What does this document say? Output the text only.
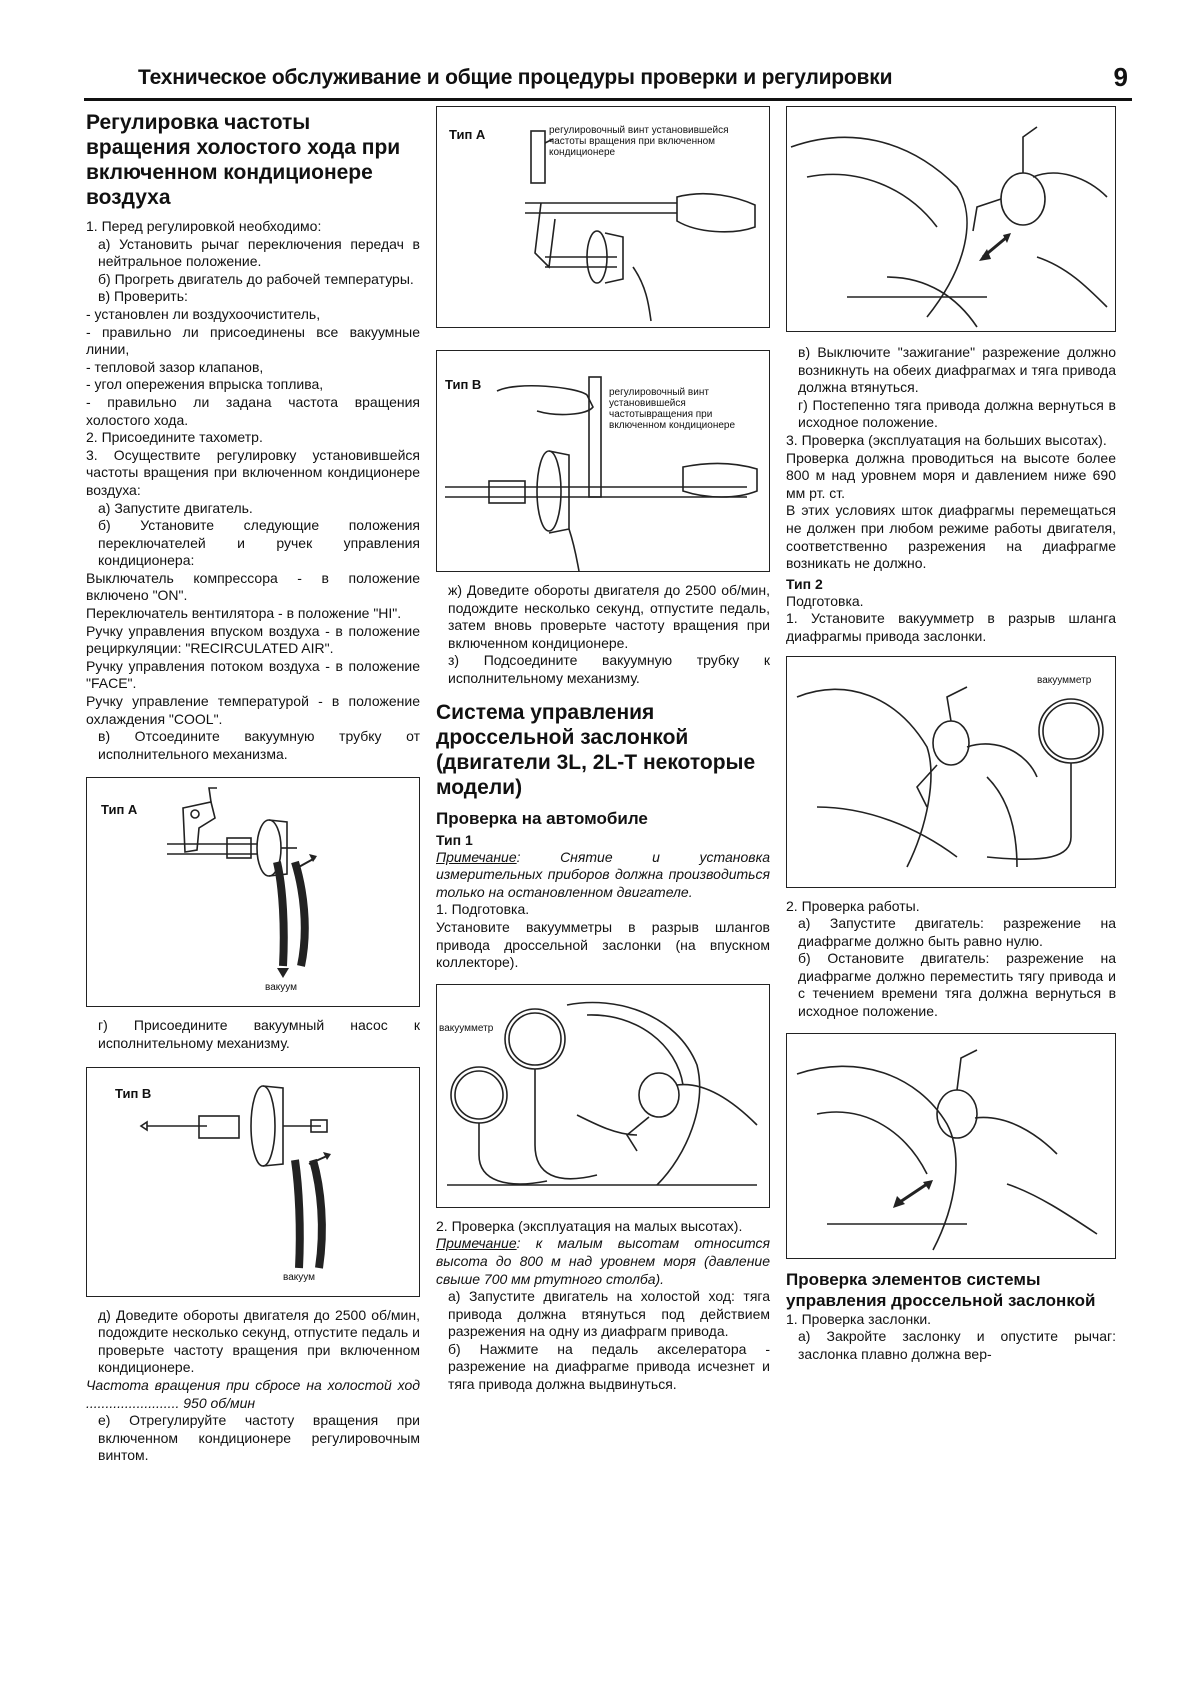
Техническое обслуживание и общие процедуры проверки и регулировки	9
Регулировка частоты вращения холостого хода при включенном кондиционере воздуха
1. Перед регулировкой необходимо:
а) Установить рычаг переключения передач в нейтральное положение.
б) Прогреть двигатель до рабочей температуры.
в) Проверить:
- установлен ли воздухоочиститель,
- правильно ли присоединены все вакуумные линии,
- тепловой зазор клапанов,
- угол опережения впрыска топлива,
- правильно ли задана частота вращения холостого хода.
2. Присоедините тахометр.
3. Осуществите регулировку установившейся частоты вращения при включенном кондиционере воздуха:
а) Запустите двигатель.
б) Установите следующие положения переключателей и ручек управления кондиционера:
Выключатель компрессора - в положение включено "ON".
Переключатель вентилятора - в положение "HI".
Ручку управления впуском воздуха - в положение рециркуляции: "RECIRCULATED AIR".
Ручку управления потоком воздуха - в положение "FACE".
Ручку управление температурой - в положение охлаждения "COOL".
в) Отсоедините вакуумную трубку от исполнительного механизма.
Тип А
вакуум
г) Присоедините вакуумный насос к исполнительному механизму.
Тип В
вакуум
д) Доведите обороты двигателя до 2500 об/мин, подождите несколько секунд, отпустите педаль и проверьте частоту вращения при включенном кондиционере.
Частота вращения при сбросе на холостой ход ........................ 950 об/мин
е) Отрегулируйте частоту вращения при включенном кондиционере регулировочным винтом.
Тип А	регулировочный винт установившейся частоты вращения при включенном кондиционере
Тип В
регулировочный винт установившейся частотывращения при включенном кондиционере
ж) Доведите обороты двигателя до 2500 об/мин, подождите несколько секунд, отпустите педаль, затем вновь проверьте частоту вращения при включенном кондиционере.
з) Подсоедините вакуумную трубку к исполнительному механизму.
Система управления дроссельной заслонкой (двигатели 3L, 2L-T некоторые модели)
Проверка на автомобиле
Тип 1
Примечание: Снятие и установка измерительных приборов должна производиться только на остановленном двигателе.
1. Подготовка.
Установите вакуумметры в разрыв шлангов привода дроссельной заслонки (на впускном коллекторе).
вакуумметр
2. Проверка (эксплуатация на малых высотах).
Примечание: к малым высотам относится высота до 800 м над уровнем моря (давление свыше 700 мм ртутного столба).
а) Запустите двигатель на холостой ход: тяга привода должна втянуться под действием разрежения на одну из диафрагм привода.
б) Нажмите на педаль акселератора - разрежение на диафрагме привода исчезнет и тяга привода должна выдвинуться.
в) Выключите "зажигание" разрежение должно возникнуть на обеих диафрагмах и тяга привода должна втянуться.
г) Постепенно тяга привода должна вернуться в исходное положение.
3. Проверка (эксплуатация на больших высотах).
Проверка должна проводиться на высоте более 800 м над уровнем моря и давлением ниже 690 мм рт. ст.
В этих условиях шток диафрагмы перемещаться не должен при любом режиме работы двигателя, соответственно разрежения на диафрагме возникать не должно.
Тип 2
Подготовка.
1. Установите вакуумметр в разрыв шланга диафрагмы привода заслонки.
вакуумметр
2. Проверка работы.
а) Запустите двигатель: разрежение на диафрагме должно быть равно нулю.
б) Остановите двигатель: разрежение на диафрагме должно переместить тягу привода и с течением времени тяга должна вернуться в исходное положение.
Проверка элементов системы управления дроссельной заслонкой
1. Проверка заслонки.
а) Закройте заслонку и опустите рычаг: заслонка плавно должна вер-
